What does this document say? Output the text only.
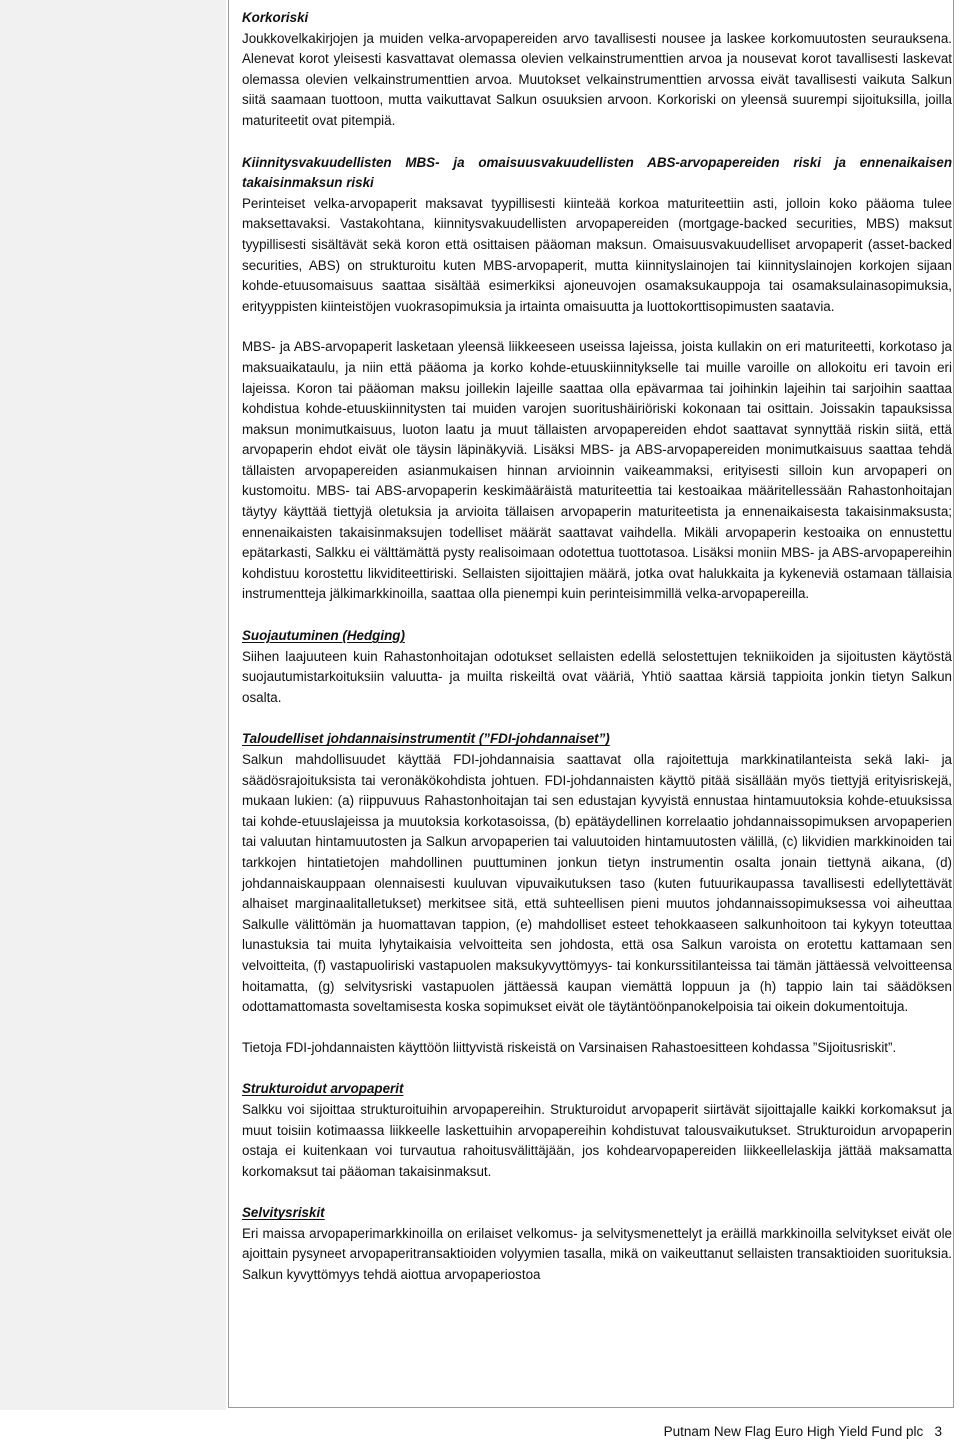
Korkoriski

Joukkovelkakirjojen ja muiden velka-arvopapereiden arvo tavallisesti nousee ja laskee korkomuutosten seurauksena. Alenevat korot yleisesti kasvattavat olemassa olevien velkainstrumenttien arvoa ja nousevat korot tavallisesti laskevat olemassa olevien velkainstrumenttien arvoa. Muutokset velkainstrumenttien arvossa eivät tavallisesti vaikuta Salkun siitä saamaan tuottoon, mutta vaikuttavat Salkun osuuksien arvoon. Korkoriski on yleensä suurempi sijoituksilla, joilla maturiteetit ovat pitempiä.

Kiinnitysvakuudellisten MBS- ja omaisuusvakuudellisten ABS-arvopapereiden riski ja ennenaikaisen takaisinmaksun riski

Perinteiset velka-arvopaperit maksavat tyypillisesti kiinteää korkoa maturiteettiin asti, jolloin koko pääoma tulee maksettavaksi. Vastakohtana, kiinnitysvakuudellisten arvopapereiden (mortgage-backed securities, MBS) maksut tyypillisesti sisältävät sekä koron että osittaisen pääoman maksun. Omaisuusvakuudelliset arvopaperit (asset-backed securities, ABS) on strukturoitu kuten MBS-arvopaperit, mutta kiinnityslainojen tai kiinnityslainojen korkojen sijaan kohde-etuusomaisuus saattaa sisältää esimerkiksi ajoneuvojen osamaksukauppoja tai osamaksulainasopimuksia, erityyppisten kiinteistöjen vuokrasopimuksia ja irtainta omaisuutta ja luottokorttisopimusten saatavia.

MBS- ja ABS-arvopaperit lasketaan yleensä liikkeeseen useissa lajeissa, joista kullakin on eri maturiteetti, korkotaso ja maksuaikataulu, ja niin että pääoma ja korko kohde-etuuskiinnitykselle tai muille varoille on allokoitu eri tavoin eri lajeissa. Koron tai pääoman maksu joillekin lajeille saattaa olla epävarmaa tai joihinkin lajeihin tai sarjoihin saattaa kohdistua kohde-etuuskiinnitysten tai muiden varojen suoritushäiriöriski kokonaan tai osittain. Joissakin tapauksissa maksun monimutkaisuus, luoton laatu ja muut tällaisten arvopapereiden ehdot saattavat synnyttää riskin siitä, että arvopaperin ehdot eivät ole täysin läpinäkyviä. Lisäksi MBS- ja ABS-arvopapereiden monimutkaisuus saattaa tehdä tällaisten arvopapereiden asianmukaisen hinnan arvioinnin vaikeammaksi, erityisesti silloin kun arvopaperi on kustomoitu. MBS- tai ABS-arvopaperin keskimääräistä maturiteettia tai kestoaikaa määritellessään Rahastonhoitajan täytyy käyttää tiettyjä oletuksia ja arvioita tällaisen arvopaperin maturiteetista ja ennenaikaisesta takaisinmaksusta; ennenaikaisten takaisinmaksujen todelliset määrät saattavat vaihdella. Mikäli arvopaperin kestoaika on ennustettu epätarkasti, Salkku ei välttämättä pysty realisoimaan odotettua tuottotasoa. Lisäksi moniin MBS- ja ABS-arvopapereihin kohdistuu korostettu likviditeettiriski. Sellaisten sijoittajien määrä, jotka ovat halukkaita ja kykeneviä ostamaan tällaisia instrumentteja jälkimarkkinoilla, saattaa olla pienempi kuin perinteisimmillä velka-arvopapereilla.

Suojautuminen (Hedging)

Siihen laajuuteen kuin Rahastonhoitajan odotukset sellaisten edellä selostettujen tekniikoiden ja sijoitusten käytöstä suojautumistarkoituksiin valuutta- ja muilta riskeiltä ovat vääriä, Yhtiö saattaa kärsiä tappioita jonkin tietyn Salkun osalta.

Taloudelliset johdannaisinstrumentit (”FDI-johdannaiset”)

Salkun mahdollisuudet käyttää FDI-johdannaisia saattavat olla rajoitettuja markkinatilanteista sekä laki- ja säädösrajoituksista tai veronäkökohdista johtuen. FDI-johdannaisten käyttö pitää sisällään myös tiettyjä erityisriskejä, mukaan lukien: (a) riippuvuus Rahastonhoitajan tai sen edustajan kyvyistä ennustaa hintamuutoksia kohde-etuuksissa tai kohde-etuuslajeissa ja muutoksia korkotasoissa, (b) epätäydellinen korrelaatio johdannaissopimuksen arvopaperien tai valuutan hintamuutosten ja Salkun arvopaperien tai valuutoiden hintamuutosten välillä, (c) likvidien markkinoiden tai tarkkojen hintatietojen mahdollinen puuttuminen jonkun tietyn instrumentin osalta jonain tiettynä aikana, (d) johdannaiskauppaan olennaisesti kuuluvan vipuvaikutuksen taso (kuten futuurikaupassa tavallisesti edellytettävät alhaiset marginaalitalletukset) merkitsee sitä, että suhteellisen pieni muutos johdannaissopimuksessa voi aiheuttaa Salkulle välittömän ja huomattavan tappion, (e) mahdolliset esteet tehokkaaseen salkunhoitoon tai kykyyn toteuttaa lunastuksia tai muita lyhytaikaisia velvoitteita sen johdosta, että osa Salkun varoista on erotettu kattamaan sen velvoitteita, (f) vastapuoliriski vastapuolen maksukyvyttömyys- tai konkurssitilanteissa tai tämän jättäessä velvoitteensa hoitamatta, (g) selvitysriski vastapuolen jättäessä kaupan viemättä loppuun ja (h) tappio lain tai säädöksen odottamattomasta soveltamisesta koska sopimukset eivät ole täytäntöönpanokelpoisia tai oikein dokumentoituja.

Tietoja FDI-johdannaisten käyttöön liittyvistä riskeistä on Varsinaisen Rahastoesitteen kohdassa ”Sijoitusriskit”.

Strukturoidut arvopaperit

Salkku voi sijoittaa strukturoituihin arvopapereihin. Strukturoidut arvopaperit siirtävät sijoittajalle kaikki korkomaksut ja muut toisiin kotimaassa liikkeelle laskettuihin arvopapereihin kohdistuvat talousvaikutukset. Strukturoidun arvopaperin ostaja ei kuitenkaan voi turvautua rahoitusvälittäjään, jos kohdearvopapereiden liikkeellelaskija jättää maksamatta korkomaksut tai pääoman takaisinmaksut.

Selvitysriskit

Eri maissa arvopaperimarkkinoilla on erilaiset velkomus- ja selvitysmenettelyt ja eräillä markkinoilla selvitykset eivät ole ajoittain pysyneet arvopaperitransaktioiden volyymien tasalla, mikä on vaikeuttanut sellaisten transaktioiden suorituksia. Salkun kyvyttömyys tehdä aiottua arvopaperiostoa

Putnam New Flag Euro High Yield Fund plc 3
